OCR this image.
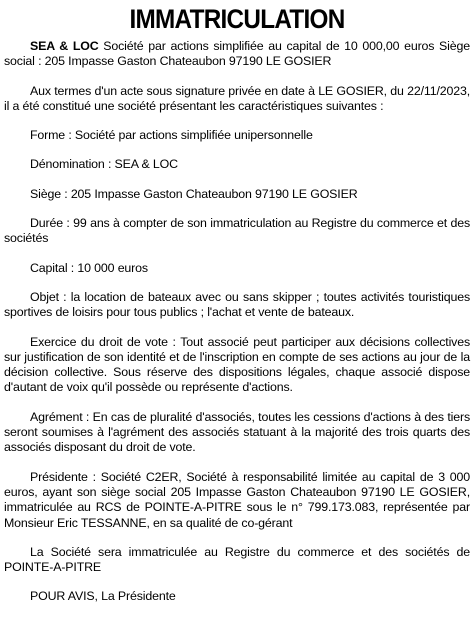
IMMATRICULATION

SEA & LOC Société par actions simplifiée au capital de 10 000,00 euros Siège social : 205 Impasse Gaston Chateaubon 97190 LE GOSIER

Aux termes d'un acte sous signature privée en date à LE GOSIER, du 22/11/2023, il a été constitué une société présentant les caractéristiques suivantes :

Forme : Société par actions simplifiée unipersonnelle

Dénomination : SEA & LOC

Siège : 205 Impasse Gaston Chateaubon 97190 LE GOSIER

Durée : 99 ans à compter de son immatriculation au Registre du commerce et des sociétés

Capital : 10 000 euros

Objet : la location de bateaux avec ou sans skipper ; toutes activités touristiques sportives de loisirs pour tous publics ; l'achat et vente de bateaux.

Exercice du droit de vote : Tout associé peut participer aux décisions collectives sur justification de son identité et de l'inscription en compte de ses actions au jour de la décision collective. Sous réserve des dispositions légales, chaque associé dispose d'autant de voix qu'il possède ou représente d'actions.

Agrément : En cas de pluralité d'associés, toutes les cessions d'actions à des tiers seront soumises à l'agrément des associés statuant à la majorité des trois quarts des associés disposant du droit de vote.

Présidente : Société C2ER, Société à responsabilité limitée au capital de 3 000 euros, ayant son siège social 205 Impasse Gaston Chateaubon 97190 LE GOSIER, immatriculée au RCS de POINTE-A-PITRE sous le n° 799.173.083, représentée par Monsieur Eric TESSANNE, en sa qualité de co-gérant

La Société sera immatriculée au Registre du commerce et des sociétés de POINTE-A-PITRE

POUR AVIS, La Présidente
